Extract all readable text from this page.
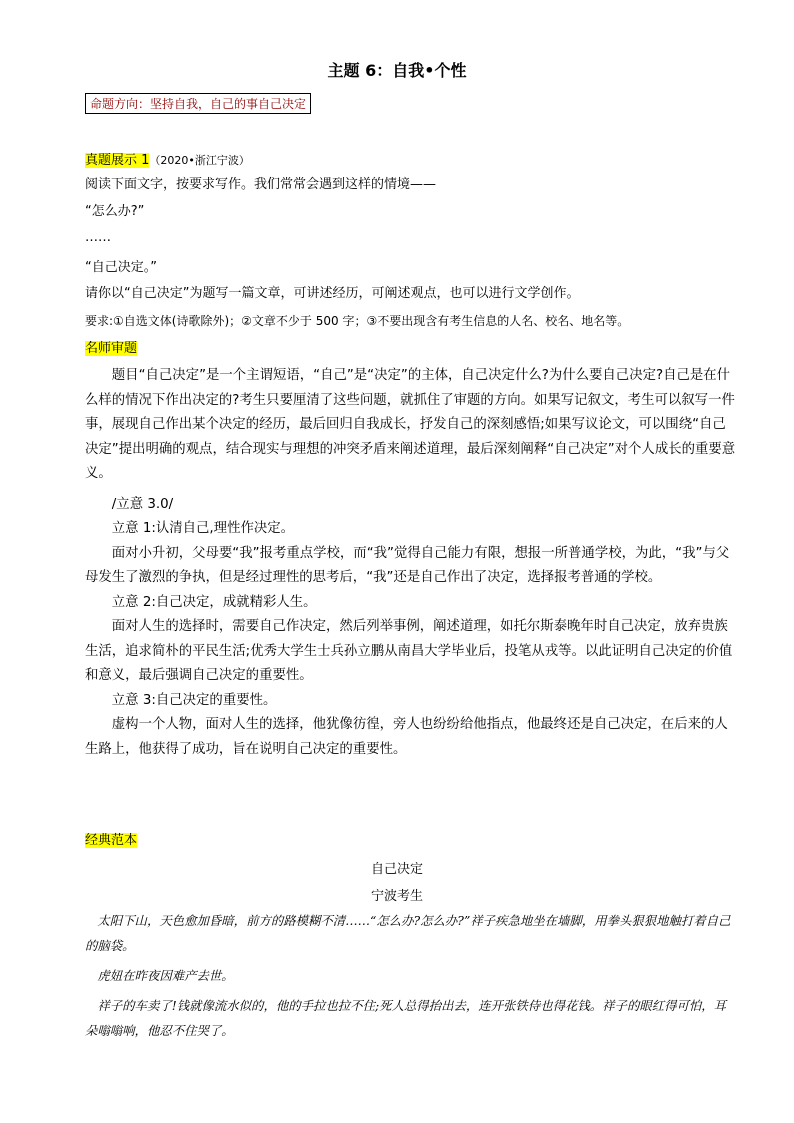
主题 6：自我•个性
命题方向：坚持自我，自己的事自己决定
真题展示 1（2020•浙江宁波）
阅读下面文字，按要求写作。我们常常会遇到这样的情境——
“怎么办?”
……
“自己决定。”
请你以“自己决定”为题写一篇文章，可讲述经历，可阐述观点，也可以进行文学创作。
要求:①自选文体(诗歌除外)；②文章不少于 500 字；③不要出现含有考生信息的人名、校名、地名等。
名师审题

题目“自己决定”是一个主谓短语，“自己”是“决定”的主体，自己决定什么?为什么要自己决定?自己是在什么样的情况下作出决定的?考生只要厘清了这些问题，就抓住了审题的方向。如果写记叙文，考生可以叙写一件事，展现自己作出某个决定的经历，最后回归自我成长，抒发自己的深刻感悟;如果写议论文，可以围绕“自己决定”提出明确的观点，结合现实与理想的冲突矛盾来阐述道理，最后深刻阐释“自己决定”对个人成长的重要意义。

/立意 3.0/

立意 1:认清自己,理性作决定。

面对小升初，父母要“我”报考重点学校，而“我”觉得自己能力有限，想报一所普通学校，为此，“我”与父母发生了激烈的争执，但是经过理性的思考后，“我”还是自己作出了决定，选择报考普通的学校。

立意 2:自己决定，成就精彩人生。

面对人生的选择时，需要自己作决定，然后列举事例，阐述道理，如托尔斯泰晚年时自己决定，放弃贵族生活，追求简朴的平民生活;优秀大学生士兵孙立鹏从南昌大学毕业后，投笔从戎等。以此证明自己决定的价值和意义，最后强调自己决定的重要性。

立意 3:自己决定的重要性。

虚构一个人物，面对人生的选择，他犹像彷徨，旁人也纷纷给他指点，他最终还是自己决定，在后来的人生路上，他获得了成功，旨在说明自己决定的重要性。

经典范本
自己决定
宁波考生

太阳下山，天色愈加昏暗，前方的路模糊不清……“怎么办?怎么办?”祥子疾急地坐在墙脚，用拳头狠狠地触打着自己的脑袋。

虎妞在昨夜因难产去世。

祥子的车卖了!钱就像流水似的，他的手拉也拉不住;死人总得抬出去，连开张铁侍也得花钱。祥子的眼红得可怕，耳朵嗡嗡响，他忍不住哭了。
